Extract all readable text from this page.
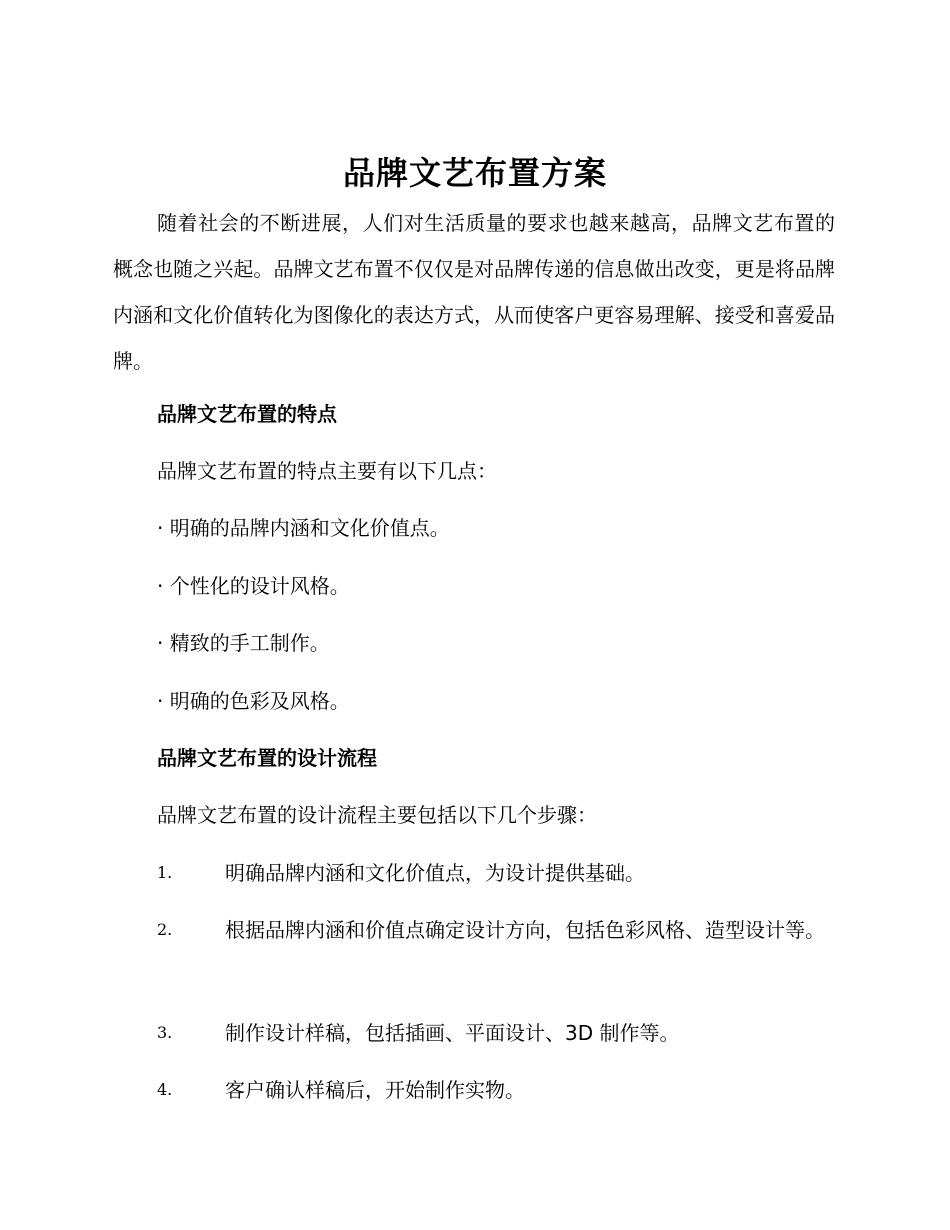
品牌文艺布置方案

随着社会的不断进展，人们对生活质量的要求也越来越高，品牌文艺布置的概念也随之兴起。品牌文艺布置不仅仅是对品牌传递的信息做出改变，更是将品牌内涵和文化价值转化为图像化的表达方式，从而使客户更容易理解、接受和喜爱品牌。

品牌文艺布置的特点
品牌文艺布置的特点主要有以下几点：
· 明确的品牌内涵和文化价值点。
· 个性化的设计风格。
· 精致的手工制作。
· 明确的色彩及风格。
品牌文艺布置的设计流程
品牌文艺布置的设计流程主要包括以下几个步骤：
1.	明确品牌内涵和文化价值点，为设计提供基础。
2.	根据品牌内涵和价值点确定设计方向，包括色彩风格、造型设计等。
3.	制作设计样稿，包括插画、平面设计、3D 制作等。
4.	客户确认样稿后，开始制作实物。
